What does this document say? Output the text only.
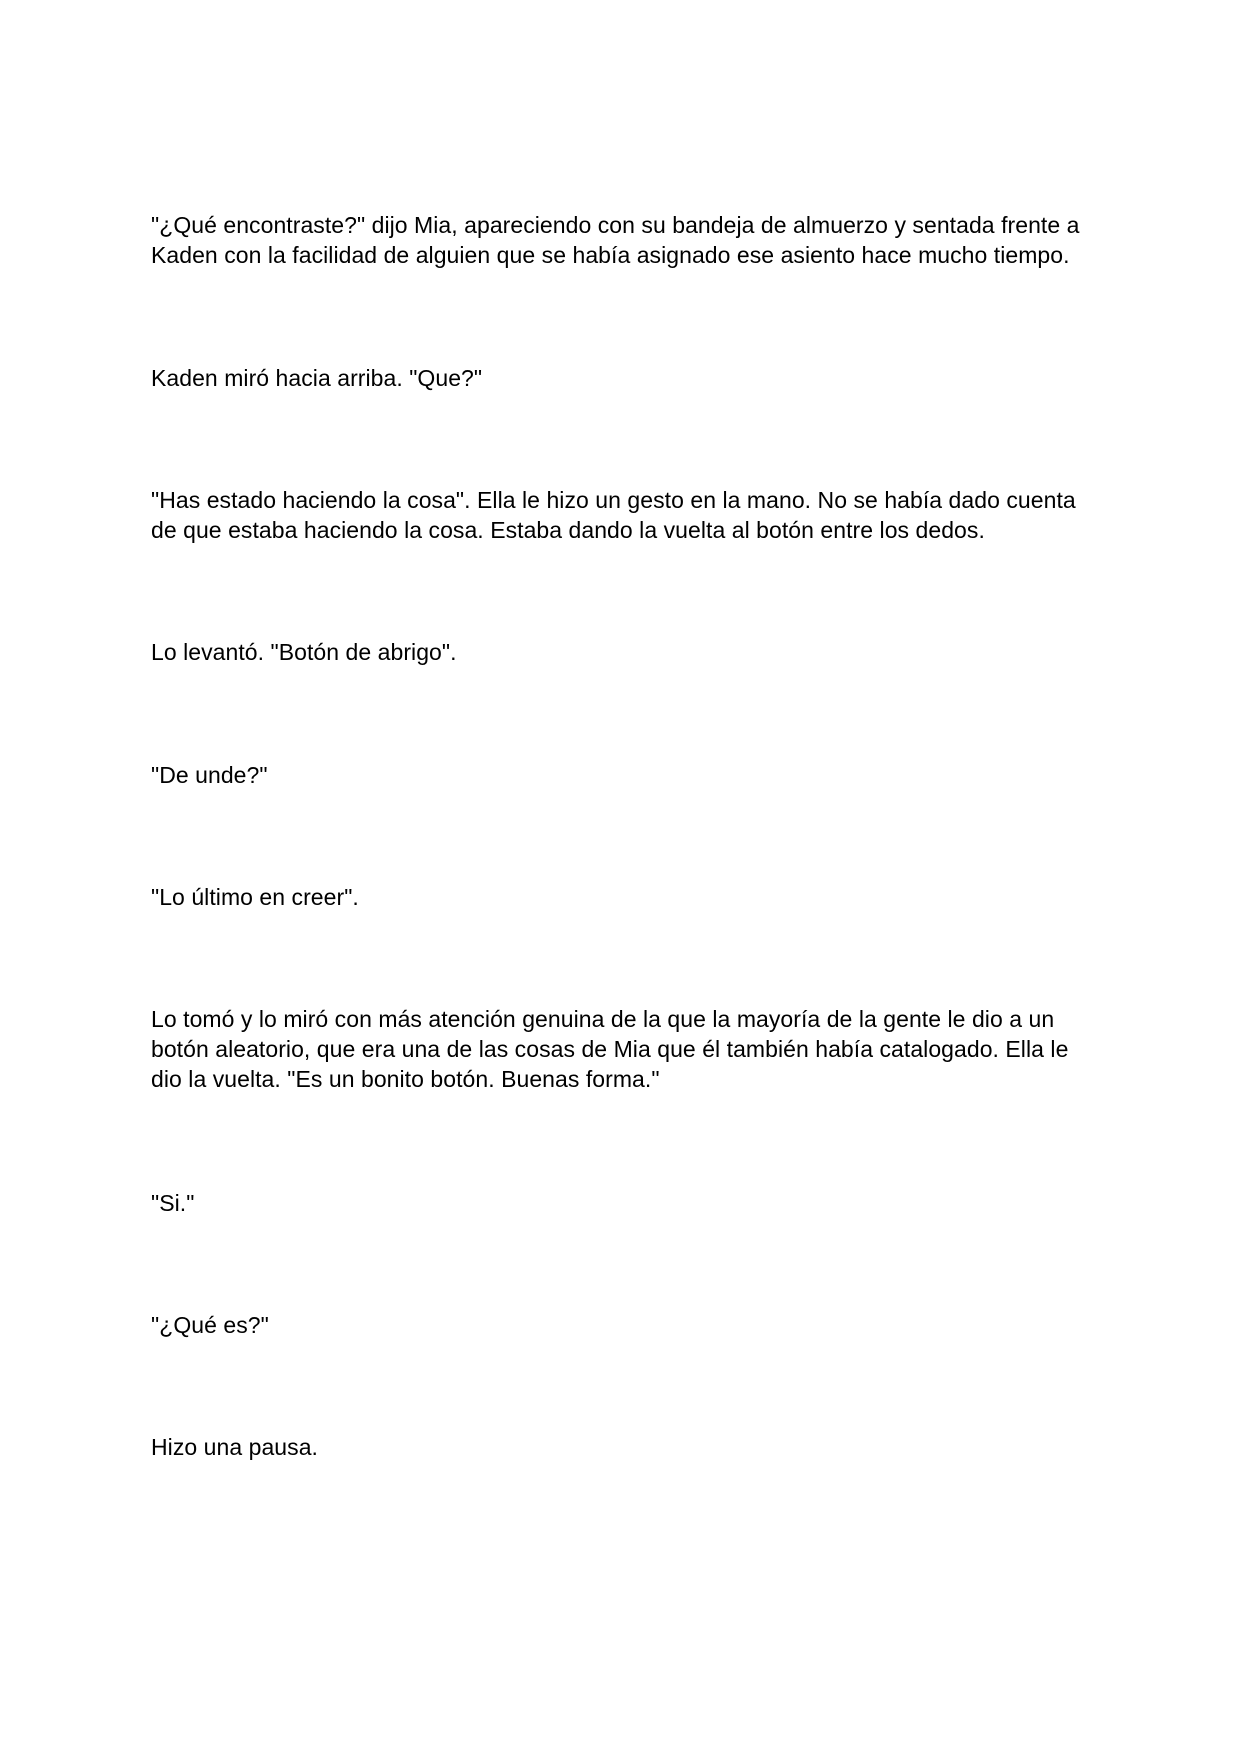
"¿Qué encontraste?" dijo Mia, apareciendo con su bandeja de almuerzo y sentada frente a
Kaden con la facilidad de alguien que se había asignado ese asiento hace mucho tiempo.

Kaden miró hacia arriba. "Que?"

"Has estado haciendo la cosa". Ella le hizo un gesto en la mano. No se había dado cuenta
de que estaba haciendo la cosa. Estaba dando la vuelta al botón entre los dedos.

Lo levantó. "Botón de abrigo".

"De unde?"

"Lo último en creer".

Lo tomó y lo miró con más atención genuina de la que la mayoría de la gente le dio a un
botón aleatorio, que era una de las cosas de Mia que él también había catalogado. Ella le
dio la vuelta. "Es un bonito botón. Buenas forma."

"Si."

"¿Qué es?"

Hizo una pausa.
